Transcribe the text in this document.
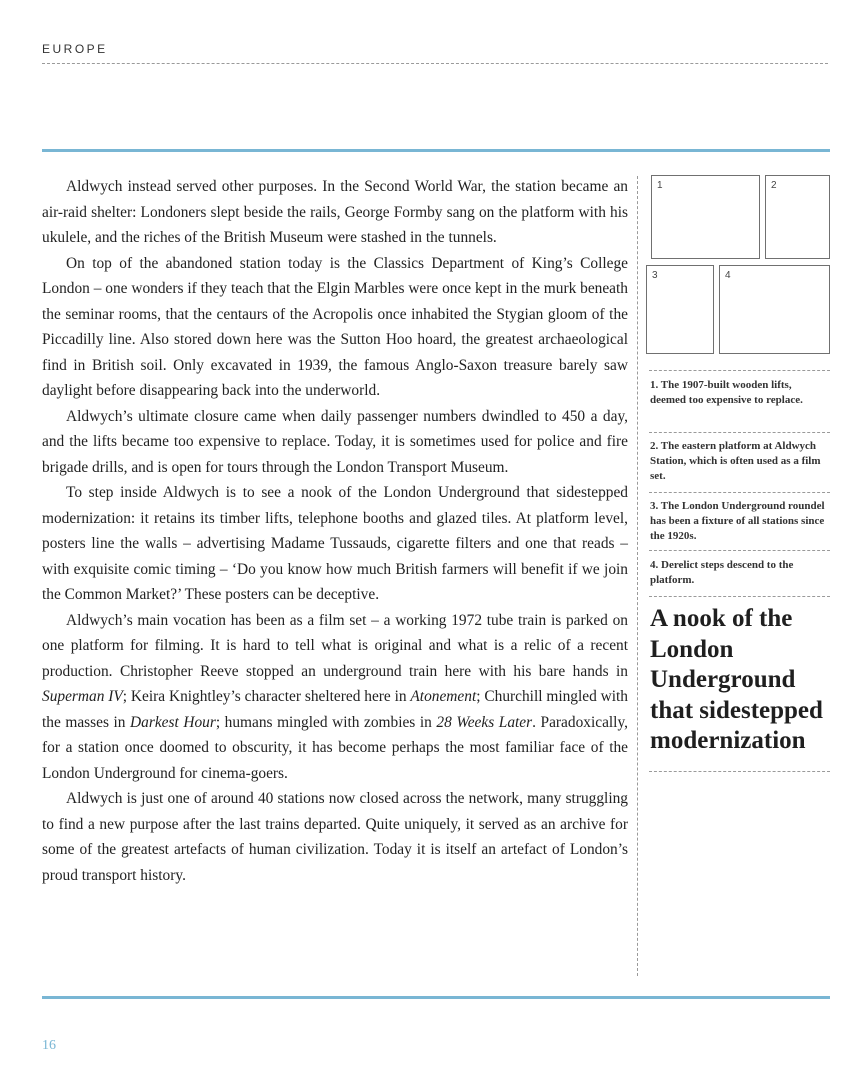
EUROPE

Aldwych instead served other purposes. In the Second World War, the station became an air-raid shelter: Londoners slept beside the rails, George Formby sang on the platform with his ukulele, and the riches of the British Museum were stashed in the tunnels.

On top of the abandoned station today is the Classics Department of King’s College London – one wonders if they teach that the Elgin Marbles were once kept in the murk beneath the seminar rooms, that the centaurs of the Acropolis once inhabited the Stygian gloom of the Piccadilly line. Also stored down here was the Sutton Hoo hoard, the greatest archaeological find in British soil. Only excavated in 1939, the famous Anglo-Saxon treasure barely saw daylight before disappearing back into the underworld.

Aldwych’s ultimate closure came when daily passenger numbers dwindled to 450 a day, and the lifts became too expensive to replace. Today, it is sometimes used for police and fire brigade drills, and is open for tours through the London Transport Museum.

To step inside Aldwych is to see a nook of the London Underground that sidestepped modernization: it retains its timber lifts, telephone booths and glazed tiles. At platform level, posters line the walls – advertising Madame Tussauds, cigarette filters and one that reads – with exquisite comic timing – ‘Do you know how much British farmers will benefit if we join the Common Market?’ These posters can be deceptive.

Aldwych’s main vocation has been as a film set – a working 1972 tube train is parked on one platform for filming. It is hard to tell what is original and what is a relic of a recent production. Christopher Reeve stopped an underground train here with his bare hands in Superman IV; Keira Knightley’s character sheltered here in Atonement; Churchill mingled with the masses in Darkest Hour; humans mingled with zombies in 28 Weeks Later. Paradoxically, for a station once doomed to obscurity, it has become perhaps the most familiar face of the London Underground for cinema-goers.

Aldwych is just one of around 40 stations now closed across the network, many struggling to find a new purpose after the last trains departed. Quite uniquely, it served as an archive for some of the greatest artefacts of human civilization. Today it is itself an artefact of London’s proud transport history.

1	2
3	4
1. The 1907-built wooden lifts, deemed too expensive to replace.
2. The eastern platform at Aldwych Station, which is often used as a film set.
3. The London Underground roundel has been a fixture of all stations since the 1920s.
4. Derelict steps descend to the platform.
A nook of the London Underground that sidestepped modernization
16
